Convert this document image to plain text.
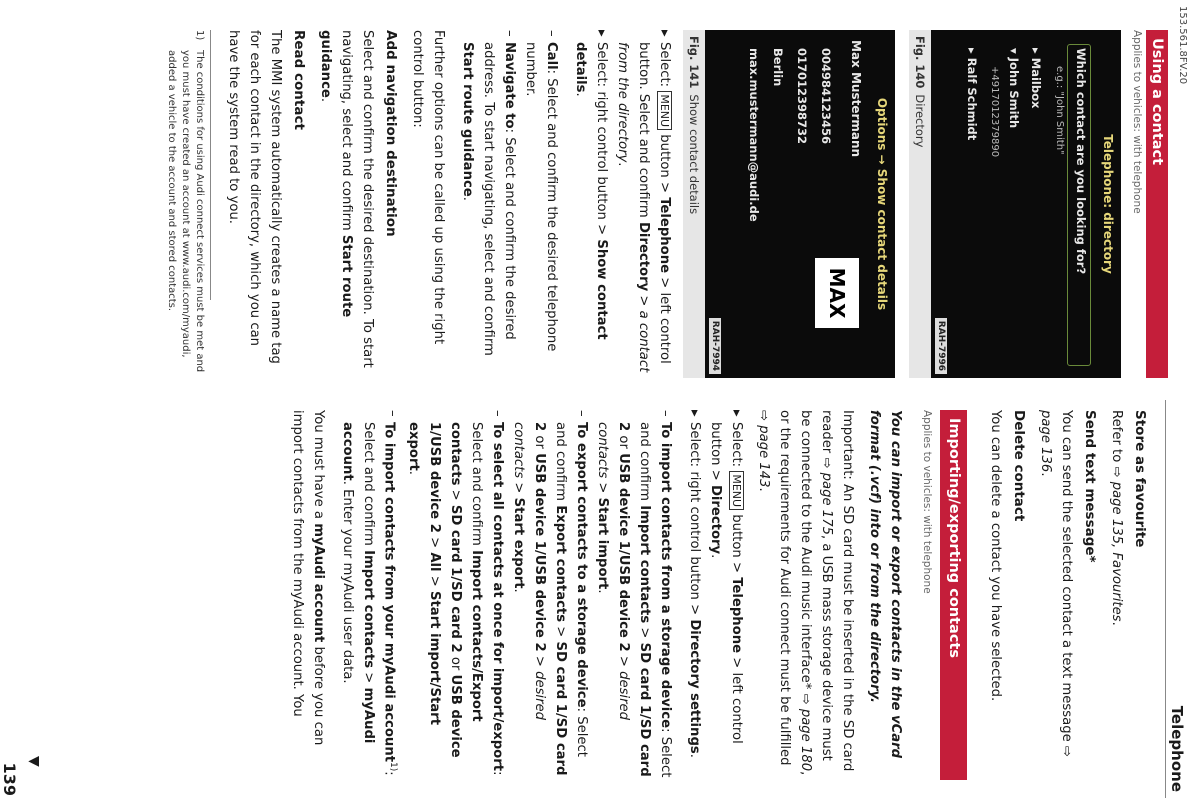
153.561.8FV.20
Telephone
139
▼
Using a contact
Applies to vehicles: with telephone
Telephone: directory
Which contact are you looking for?
e.g.: "John Smith"
▸ Mailbox
▾ John Smith
+4917012379890
▸ Ralf Schmidt
RAH-7996
Fig. 140Directory
Options → Show contact details
Max Mustermann
004984123456
017012398732
Berlin
max.mustermann@audi.de
MAX
RAH-7994
Fig. 141Show contact details
▸ Select: MENU button > Telephone > left control button. Select and confirm Directory > a contact from the directory.
▸ Select: right control button > Show contact details.
– Call: Select and confirm the desired telephone number.
– Navigate to: Select and confirm the desired address. To start navigating, select and confirm Start route guidance.

Further options can be called up using the right control button:

Add navigation destination

Select and confirm the desired destination. To start navigating, select and confirm Start route guidance.

Read contact

The MMI system automatically creates a name tag for each contact in the directory, which you can have the system read to you.

1)
The conditions for using Audi connect services must be met and you must have created an account at www.audi.com/myaudi, added a vehicle to the account and stored contacts.
Store as favourite

Refer to ⇨ page 135, Favourites.

Send text message*

You can send the selected contact a text message ⇨ page 136.

Delete contact

You can delete a contact you have selected.

Importing/exporting contacts
Applies to vehicles: with telephone

You can import or export contacts in the vCard format (.vcf) into or from the directory.

Important: An SD card must be inserted in the SD card reader ⇨ page 175, a USB mass storage device must be connected to the Audi music interface* ⇨ page 180, or the requirements for Audi connect must be fulfilled ⇨ page 143.

▸ Select: MENU button > Telephone > left control button > Directory.
▸ Select: right control button > Directory settings.
– To import contacts from a storage device: Select and confirm Import contacts > SD card 1/SD card 2 or USB device 1/USB device 2 > desired contacts > Start import.
– To export contacts to a storage device: Select and confirm Export contacts > SD card 1/SD card 2 or USB device 1/USB device 2 > desired contacts > Start export.
– To select all contacts at once for import/export: Select and confirm Import contacts/Export contacts > SD card 1/SD card 2 or USB device 1/USB device 2 > All > Start import/Start export.
– To import contacts from your myAudi account$^{1)}$: Select and confirm Import contacts > myAudi account. Enter your myAudi user data.

You must have a myAudi account before you can import contacts from the myAudi account. You
